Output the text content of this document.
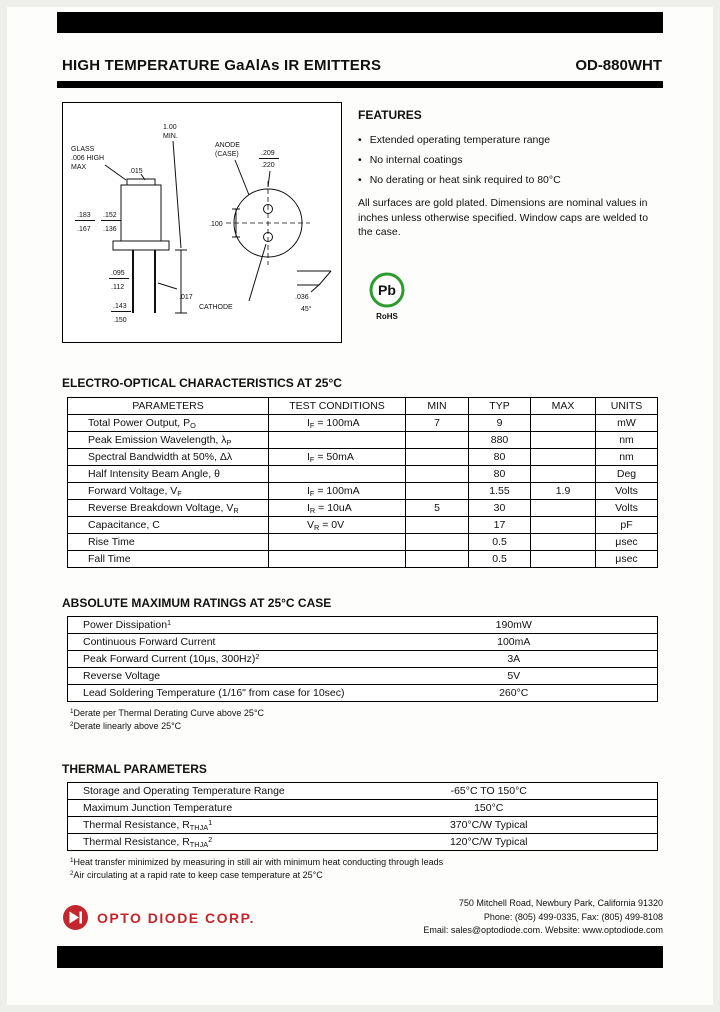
HIGH TEMPERATURE GaAlAs IR EMITTERS	OD-880WHT
1.00
MIN.
GLASS
.006 HIGH
MAX
.015
ANODE
(CASE)	.209
.220
.100
.183
.167
.152
.136
.017
.095
.112
CATHODE
.036
45°
.143
.150
FEATURES
• Extended operating temperature range
• No internal coatings
• No derating or heat sink required to 80°C

All surfaces are gold plated. Dimensions are nominal values in inches unless otherwise specified. Window caps are welded to the case.

Pb
RoHS
ELECTRO-OPTICAL CHARACTERISTICS AT 25°C
PARAMETERS	TEST CONDITIONS	MIN	TYP	MAX	UNITS
Total Power Output, $P_O$	$I_F = 100mA$	7	9		mW
Peak Emission Wavelength, $\lambda_P$			880		nm
Spectral Bandwidth at 50%, Δλ	$I_F = 50mA$		80		nm
Half Intensity Beam Angle, θ			80		Deg
Forward Voltage, $V_F$	$I_F = 100mA$		1.55	1.9	Volts
Reverse Breakdown Voltage, $V_R$	$I_R = 10uA$	5	30		Volts
Capacitance, C	$V_R = 0V$		17		pF
Rise Time			0.5		μsec
Fall Time			0.5		μsec
ABSOLUTE MAXIMUM RATINGS AT 25°C CASE
Power Dissipation$^1$	190mW
Continuous Forward Current	100mA
Peak Forward Current (10μs, 300Hz)$^2$	3A
Reverse Voltage	5V
Lead Soldering Temperature (1/16" from case for 10sec)	260°C
$^1$Derate per Thermal Derating Curve above 25°C
$^2$Derate linearly above 25°C
THERMAL PARAMETERS
Storage and Operating Temperature Range	-65°C TO 150°C
Maximum Junction Temperature	150°C
Thermal Resistance, $R_{THJA}^1$	370°C/W Typical
Thermal Resistance, $R_{THJA}^2$	120°C/W Typical
$^1$Heat transfer minimized by measuring in still air with minimum heat conducting through leads
$^2$Air circulating at a rapid rate to keep case temperature at 25°C
OPTO DIODE CORP.
750 Mitchell Road, Newbury Park, California 91320
Phone: (805) 499-0335, Fax: (805) 499-8108
Email: sales@optodiode.com. Website: www.optodiode.com
